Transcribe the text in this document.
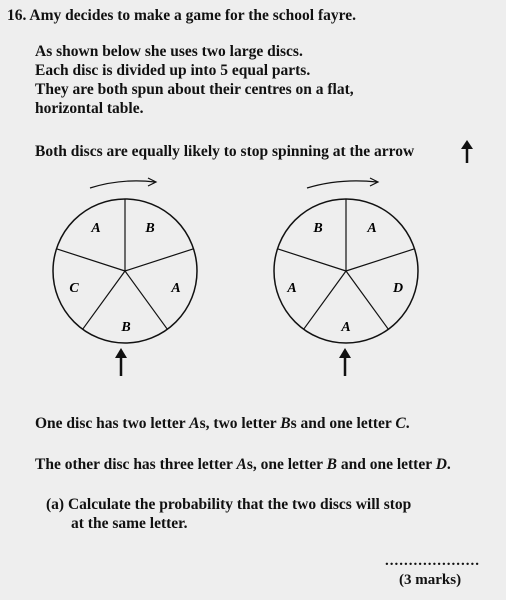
16. Amy decides to make a game for the school fayre.
As shown below she uses two large discs.
Each disc is divided up into 5 equal parts.
They are both spun about their centres on a flat,
horizontal table.
Both discs are equally likely to stop spinning at the arrow
B
A
B
C
A	A
D
A
A
B
One disc has two letter As, two letter Bs and one letter C.
The other disc has three letter As, one letter B and one letter D.
(a) Calculate the probability that the two discs will stop
at the same letter.
....................
(3 marks)
